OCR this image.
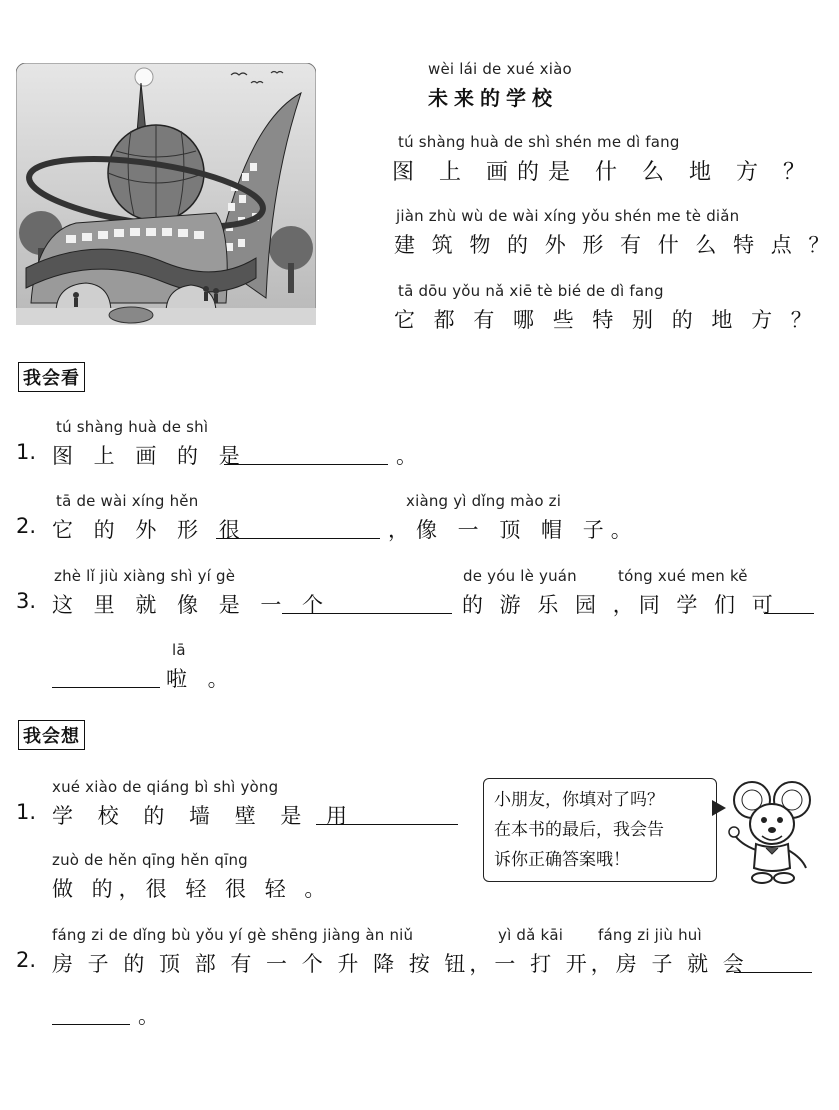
wèi lái de xué xiào
未来的学校
tú shàng huà de shì shén me dì fang
图 上 画的是 什 么 地 方 ？
jiàn zhù wù de wài xíng yǒu shén me tè diǎn
建 筑 物 的 外 形 有 什 么 特 点 ？
tā dōu yǒu nǎ xiē tè bié de dì fang
它 都 有 哪 些 特 别 的 地 方 ？
我会看
tú shàng huà de shì
1. 图 上 画 的 是	。
tā de wài xíng hěn	xiàng yì dǐng mào zi
2. 它 的 外 形 很	，像 一 顶 帽 子。
zhè lǐ jiù xiàng shì yí gè	de yóu lè yuán	tóng xué men kě
3. 这 里 就 像 是 一 个	的 游 乐 园 ，同 学 们 可
lā
啦 。
我会想
xué xiào de qiáng bì shì yòng
1. 学 校 的 墙 壁 是 用
zuò de hěn qīng hěn qīng
做 的，很 轻 很 轻 。
小朋友，你填对了吗？
在本书的最后，我会告
诉你正确答案哦！
fáng zi de dǐng bù yǒu yí gè shēng jiàng àn niǔ	yì dǎ kāi fáng zi jiù huì
2. 房 子 的 顶 部 有 一 个 升 降 按 钮，一 打 开，房 子 就 会
。
